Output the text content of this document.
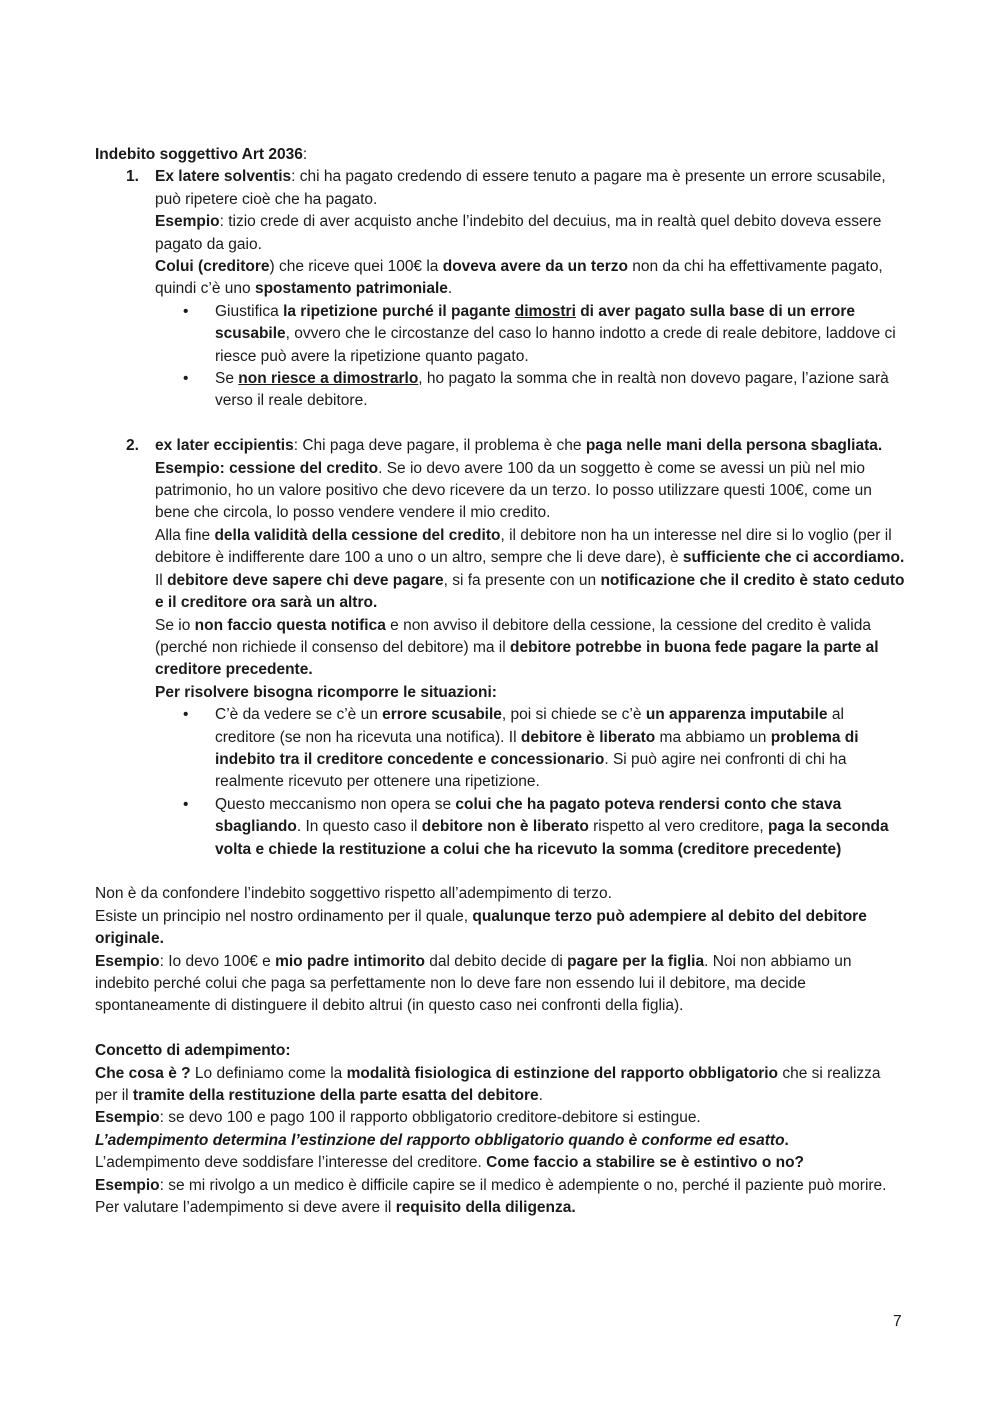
Indebito soggettivo Art 2036:

1. Ex latere solventis: chi ha pagato credendo di essere tenuto a pagare ma è presente un errore scusabile, può ripetere cioè che ha pagato.

Esempio: tizio crede di aver acquisto anche l’indebito del decuius, ma in realtà quel debito doveva essere pagato da gaio.

Colui (creditore) che riceve quei 100€ la doveva avere da un terzo non da chi ha effettivamente pagato, quindi c’è uno spostamento patrimoniale.

• Giustifica la ripetizione purché il pagante dimostri di aver pagato sulla base di un errore scusabile, ovvero che le circostanze del caso lo hanno indotto a crede di reale debitore, laddove ci riesce può avere la ripetizione quanto pagato.

• Se non riesce a dimostrarlo, ho pagato la somma che in realtà non dovevo pagare, l’azione sarà verso il reale debitore.

2. ex later eccipientis: Chi paga deve pagare, il problema è che paga nelle mani della persona sbagliata.

Esempio: cessione del credito. Se io devo avere 100 da un soggetto è come se avessi un più nel mio patrimonio, ho un valore positivo che devo ricevere da un terzo. Io posso utilizzare questi 100€, come un bene che circola, lo posso vendere vendere il mio credito.

Alla fine della validità della cessione del credito, il debitore non ha un interesse nel dire si lo voglio (per il debitore è indifferente dare 100 a uno o un altro, sempre che li deve dare), è sufficiente che ci accordiamo. Il debitore deve sapere chi deve pagare, si fa presente con un notificazione che il credito è stato ceduto e il creditore ora sarà un altro.

Se io non faccio questa notifica e non avviso il debitore della cessione, la cessione del credito è valida (perché non richiede il consenso del debitore) ma il debitore potrebbe in buona fede pagare la parte al creditore precedente.

Per risolvere bisogna ricomporre le situazioni:

• C’è da vedere se c’è un errore scusabile, poi si chiede se c’è un apparenza imputabile al creditore (se non ha ricevuta una notifica). Il debitore è liberato ma abbiamo un problema di indebito tra il creditore concedente e concessionario. Si può agire nei confronti di chi ha realmente ricevuto per ottenere una ripetizione.

• Questo meccanismo non opera se colui che ha pagato poteva rendersi conto che stava sbagliando. In questo caso il debitore non è liberato rispetto al vero creditore, paga la seconda volta e chiede la restituzione a colui che ha ricevuto la somma (creditore precedente)

Non è da confondere l’indebito soggettivo rispetto all’adempimento di terzo.

Esiste un principio nel nostro ordinamento per il quale, qualunque terzo può adempiere al debito del debitore originale.

Esempio: Io devo 100€ e mio padre intimorito dal debito decide di pagare per la figlia. Noi non abbiamo un indebito perché colui che paga sa perfettamente non lo deve fare non essendo lui il debitore, ma decide spontaneamente di distinguere il debito altrui (in questo caso nei confronti della figlia).

Concetto di adempimento:

Che cosa è ? Lo definiamo come la modalità fisiologica di estinzione del rapporto obbligatorio che si realizza per il tramite della restituzione della parte esatta del debitore.

Esempio: se devo 100 e pago 100 il rapporto obbligatorio creditore-debitore si estingue.

L’adempimento determina l’estinzione del rapporto obbligatorio quando è conforme ed esatto.

L’adempimento deve soddisfare l’interesse del creditore. Come faccio a stabilire se è estintivo o no?

Esempio: se mi rivolgo a un medico è difficile capire se il medico è adempiente o no, perché il paziente può morire.

Per valutare l’adempimento si deve avere il requisito della diligenza.

7
